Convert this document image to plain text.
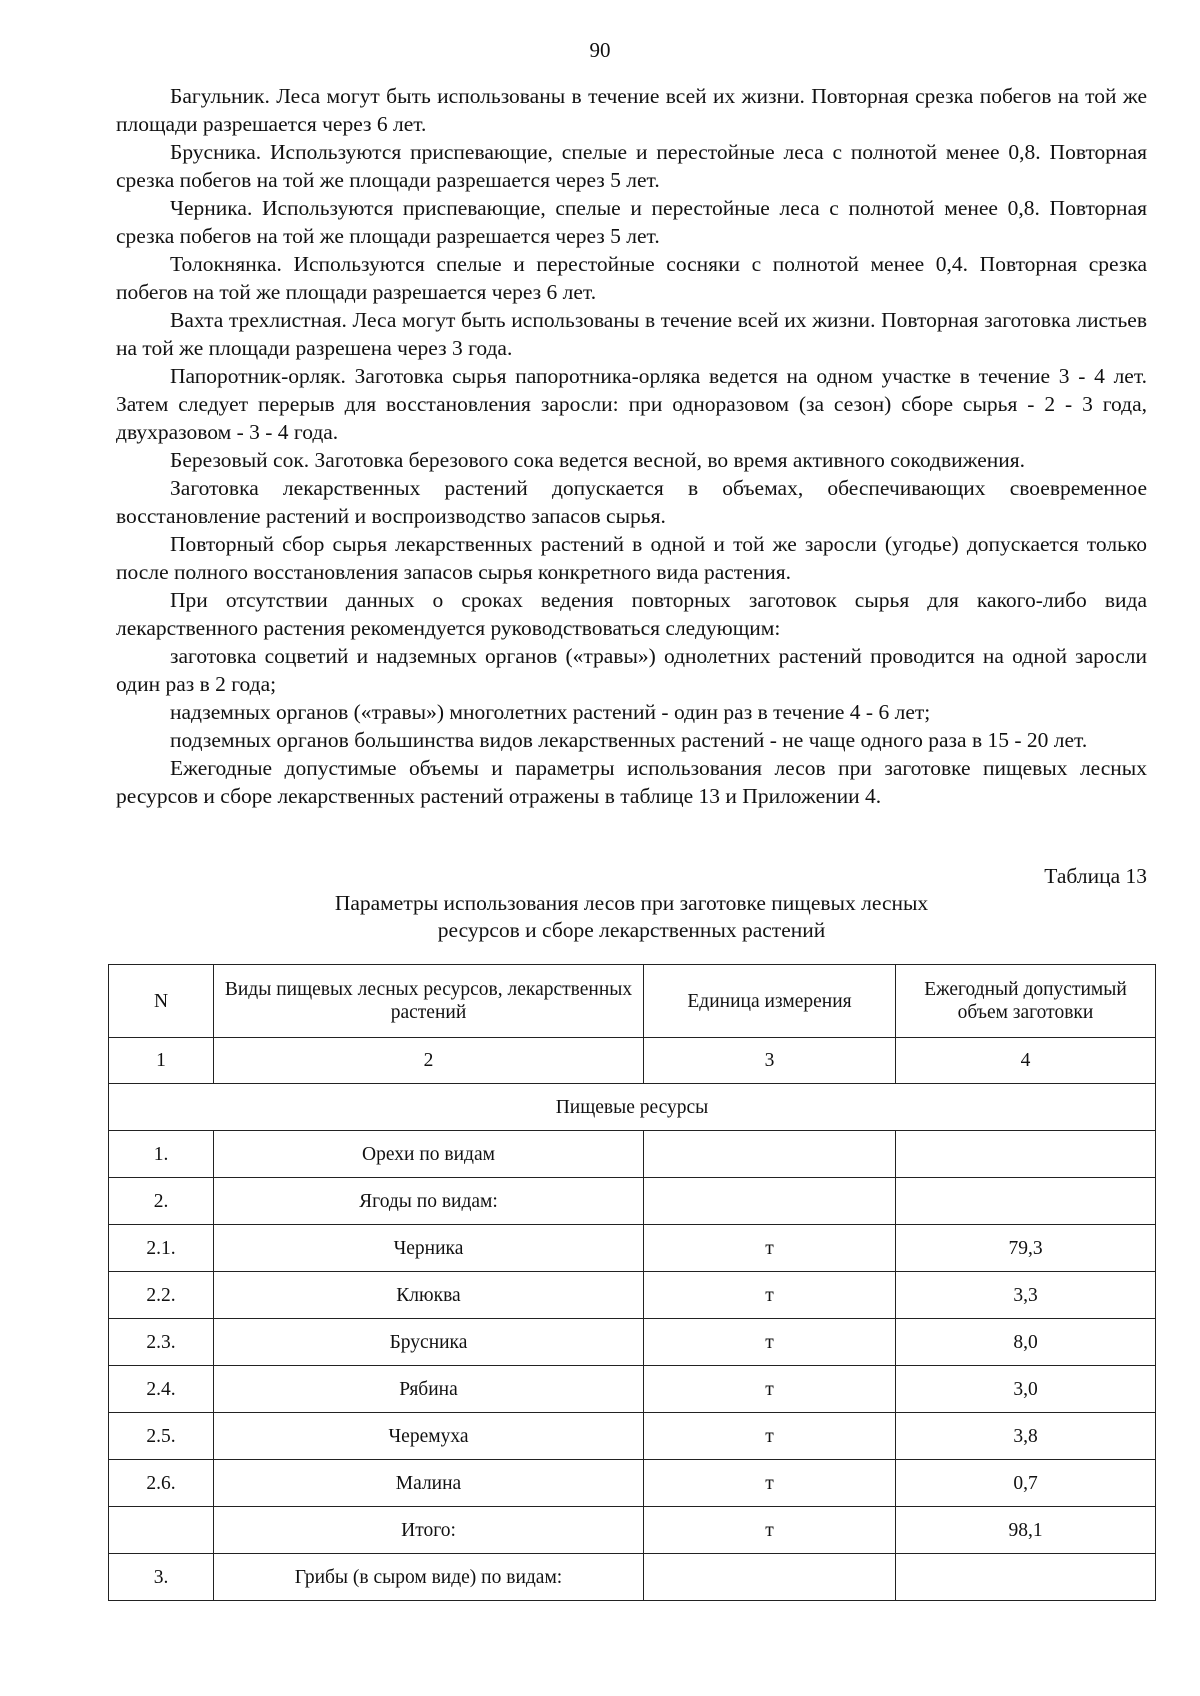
90

Багульник. Леса могут быть использованы в течение всей их жизни. Повторная срезка побегов на той же площади разрешается через 6 лет.

Брусника. Используются приспевающие, спелые и перестойные леса с полнотой менее 0,8. Повторная срезка побегов на той же площади разрешается через 5 лет.

Черника. Используются приспевающие, спелые и перестойные леса с полнотой менее 0,8. Повторная срезка побегов на той же площади разрешается через 5 лет.

Толокнянка. Используются спелые и перестойные сосняки с полнотой менее 0,4. Повторная срезка побегов на той же площади разрешается через 6 лет.

Вахта трехлистная. Леса могут быть использованы в течение всей их жизни. Повторная заготовка листьев на той же площади разрешена через 3 года.

Папоротник-орляк. Заготовка сырья папоротника-орляка ведется на одном участке в течение 3 - 4 лет. Затем следует перерыв для восстановления заросли: при одноразовом (за сезон) сборе сырья - 2 - 3 года, двухразовом - 3 - 4 года.

Березовый сок. Заготовка березового сока ведется весной, во время активного сокодвижения.

Заготовка лекарственных растений допускается в объемах, обеспечивающих своевременное восстановление растений и воспроизводство запасов сырья.

Повторный сбор сырья лекарственных растений в одной и той же заросли (угодье) допускается только после полного восстановления запасов сырья конкретного вида растения.

При отсутствии данных о сроках ведения повторных заготовок сырья для какого-либо вида лекарственного растения рекомендуется руководствоваться следующим:

заготовка соцветий и надземных органов («травы») однолетних растений проводится на одной заросли один раз в 2 года;

надземных органов («травы») многолетних растений - один раз в течение 4 - 6 лет;

подземных органов большинства видов лекарственных растений - не чаще одного раза в 15 - 20 лет.

Ежегодные допустимые объемы и параметры использования лесов при заготовке пищевых лесных ресурсов и сборе лекарственных растений отражены в таблице 13 и Приложении 4.

Таблица 13
Параметры использования лесов при заготовке пищевых лесных ресурсов и сборе лекарственных растений
N	Виды пищевых лесных ресурсов, лекарственных растений	Единица измерения	Ежегодный допустимый объем заготовки
1	2	3	4
Пищевые ресурсы			
1.	Орехи по видам		
2.	Ягоды по видам:		
2.1.	Черника	т	79,3
2.2.	Клюква	т	3,3
2.3.	Брусника	т	8,0
2.4.	Рябина	т	3,0
2.5.	Черемуха	т	3,8
2.6.	Малина	т	0,7
	Итого:	т	98,1
3.	Грибы (в сыром виде) по видам:		
